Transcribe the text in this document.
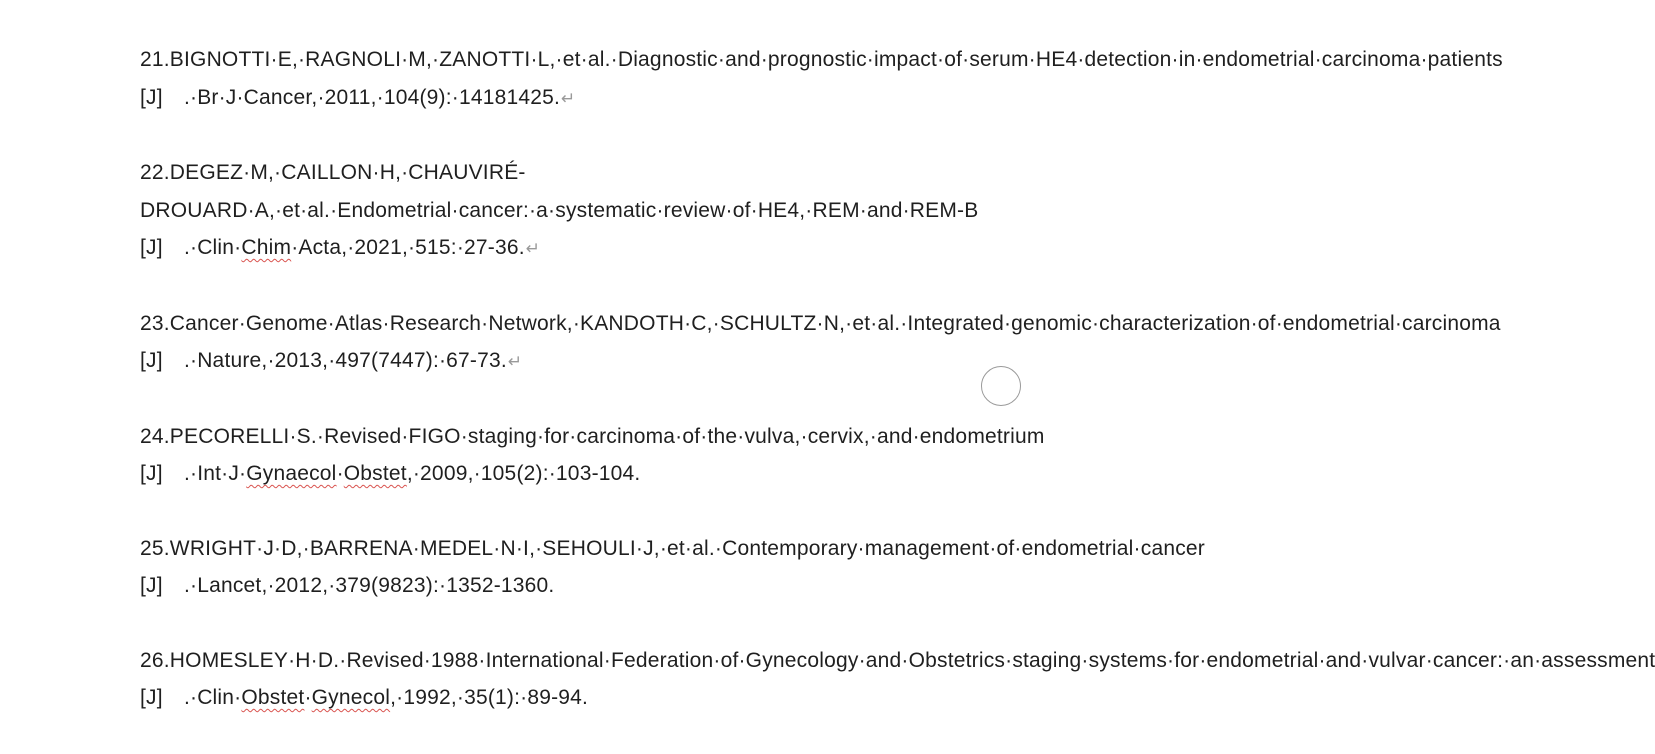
21.BIGNOTTI·E,·RAGNOLI·M,·ZANOTTI·L,·et·al.·Diagnostic·and·prognostic·impact·of·serum·HE4·detection·in·endometrial·carcinoma·patients　[J]　.·Br·J·Cancer,·2011,·104(9):·14181425.↵

22.DEGEZ·M,·CAILLON·H,·CHAUVIRÉ-DROUARD·A,·et·al.·Endometrial·cancer:·a·systematic·review·of·HE4,·REM·and·REM-B　[J]　.·Clin·Chim·Acta,·2021,·515:·27-36.↵

23.Cancer·Genome·Atlas·Research·Network,·KANDOTH·C,·SCHULTZ·N,·et·al.·Integrated·genomic·characterization·of·endometrial·carcinoma　[J]　.·Nature,·2013,·497(7447):·67-73.↵

24.PECORELLI·S.·Revised·FIGO·staging·for·carcinoma·of·the·vulva,·cervix,·and·endometrium　[J]　.·Int·J·Gynaecol·Obstet,·2009,·105(2):·103-104.

25.WRIGHT·J·D,·BARRENA·MEDEL·N·I,·SEHOULI·J,·et·al.·Contemporary·management·of·endometrial·cancer　[J]　.·Lancet,·2012,·379(9823):·1352-1360.

26.HOMESLEY·H·D.·Revised·1988·International·Federation·of·Gynecology·and·Obstetrics·staging·systems·for·endometrial·and·vulvar·cancer:·an·assessment　[J]　.·Clin·Obstet·Gynecol,·1992,·35(1):·89-94.
